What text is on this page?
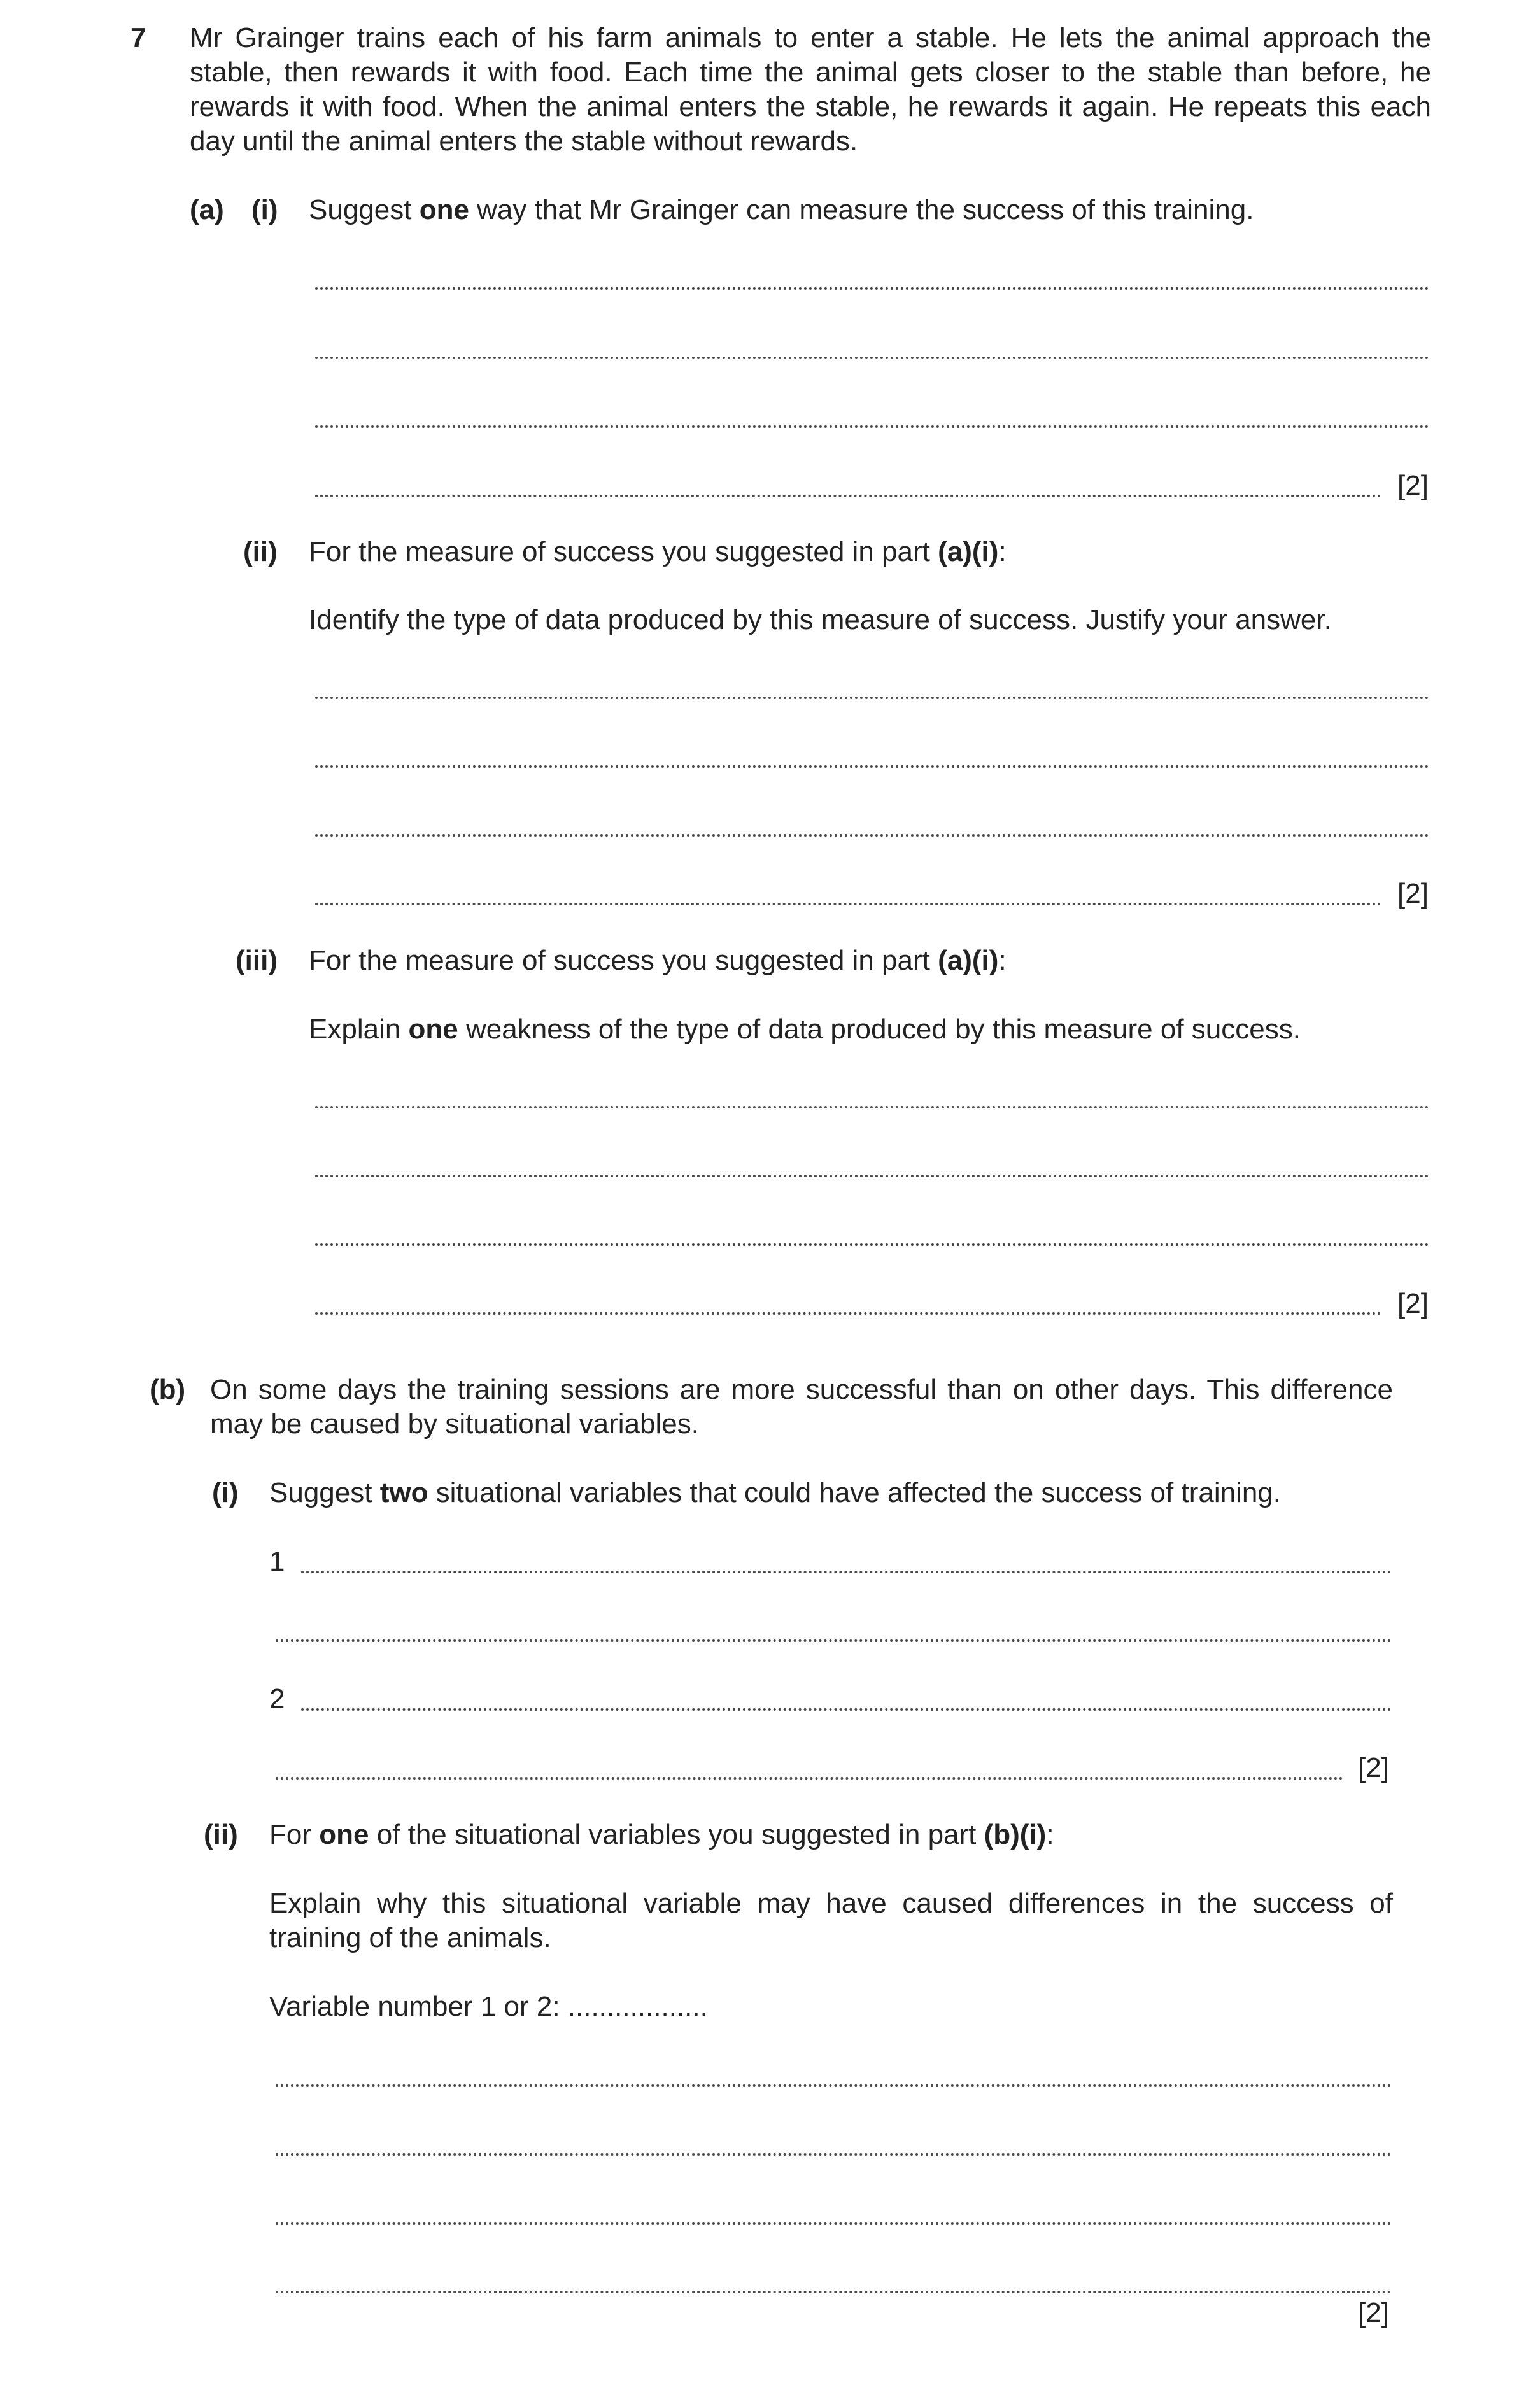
7 Mr Grainger trains each of his farm animals to enter a stable. He lets the animal approach the stable, then rewards it with food. Each time the animal gets closer to the stable than before, he rewards it with food. When the animal enters the stable, he rewards it again. He repeats this each day until the animal enters the stable without rewards.
(a) (i) Suggest one way that Mr Grainger can measure the success of this training.
[2]
(ii) For the measure of success you suggested in part (a)(i):
Identify the type of data produced by this measure of success. Justify your answer.
[2]
(iii) For the measure of success you suggested in part (a)(i):
Explain one weakness of the type of data produced by this measure of success.
[2]
(b) On some days the training sessions are more successful than on other days. This difference may be caused by situational variables.
(i) Suggest two situational variables that could have affected the success of training.
1
2
[2]
(ii) For one of the situational variables you suggested in part (b)(i):
Explain why this situational variable may have caused differences in the success of training of the animals.
Variable number 1 or 2: ..................
[2]
